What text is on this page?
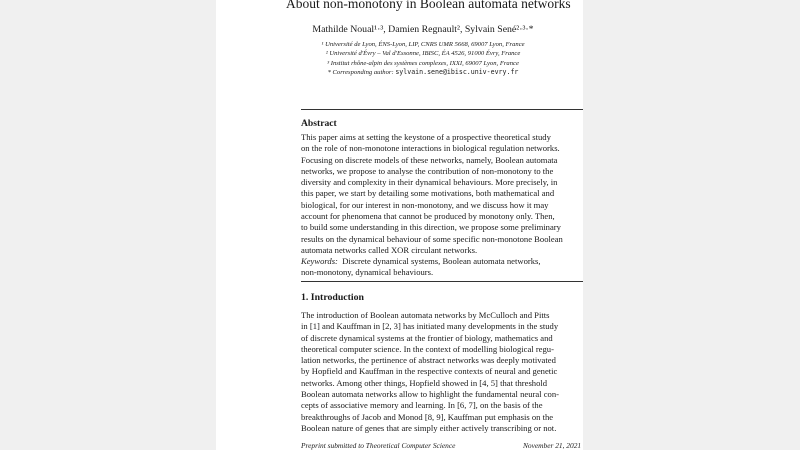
About non-monotony in Boolean automata networks
Mathilde Noual¹·³, Damien Regnault², Sylvain Sené²·³·*
¹ Université de Lyon, ÉNS-Lyon, LIP, CNRS UMR 5668, 69007 Lyon, France
² Université d'Évry – Val d'Essonne, IBISC, ÉA 4526, 91000 Évry, France
³ Institut rhône-alpin des systèmes complexes, IXXI, 69007 Lyon, France
* Corresponding author: sylvain.sene@ibisc.univ-evry.fr
Abstract
This paper aims at setting the keystone of a prospective theoretical study
on the role of non-monotone interactions in biological regulation networks.
Focusing on discrete models of these networks, namely, Boolean automata
networks, we propose to analyse the contribution of non-monotony to the
diversity and complexity in their dynamical behaviours. More precisely, in
this paper, we start by detailing some motivations, both mathematical and
biological, for our interest in non-monotony, and we discuss how it may
account for phenomena that cannot be produced by monotony only. Then,
to build some understanding in this direction, we propose some preliminary
results on the dynamical behaviour of some specific non-monotone Boolean
automata networks called XOR circulant networks.
Keywords: Discrete dynamical systems, Boolean automata networks,
non-monotony, dynamical behaviours.
1. Introduction
The introduction of Boolean automata networks by McCulloch and Pitts
in [1] and Kauffman in [2, 3] has initiated many developments in the study
of discrete dynamical systems at the frontier of biology, mathematics and
theoretical computer science. In the context of modelling biological regu-
lation networks, the pertinence of abstract networks was deeply motivated
by Hopfield and Kauffman in the respective contexts of neural and genetic
networks. Among other things, Hopfield showed in [4, 5] that threshold
Boolean automata networks allow to highlight the fundamental neural con-
cepts of associative memory and learning. In [6, 7], on the basis of the
breakthroughs of Jacob and Monod [8, 9], Kauffman put emphasis on the
Boolean nature of genes that are simply either actively transcribing or not.
Preprint submitted to Theoretical Computer Science	November 21, 2021
